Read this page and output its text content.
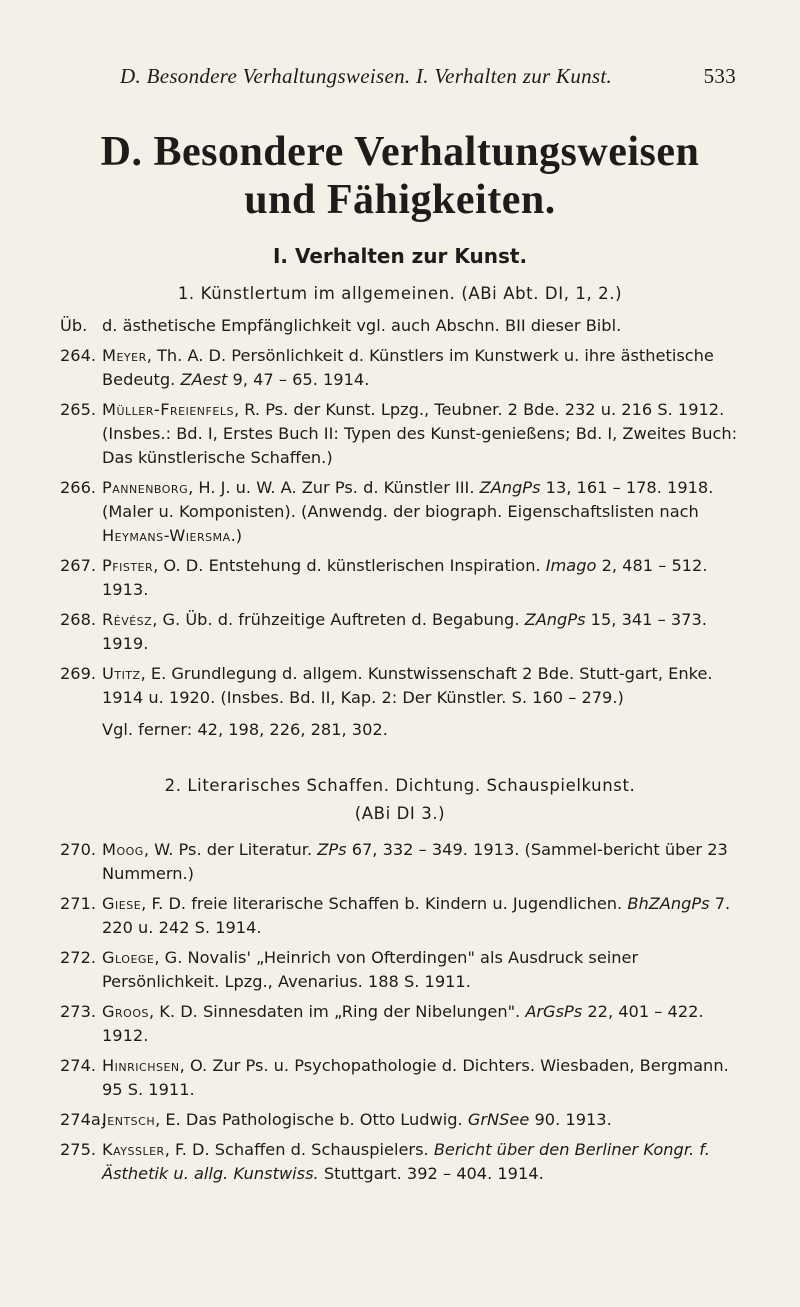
D. Besondere Verhaltungsweisen. I. Verhalten zur Kunst.	533
D. Besondere Verhaltungsweisen
und Fähigkeiten.
I. Verhalten zur Kunst.
1. Künstlertum im allgemeinen. (ABi Abt. DI, 1, 2.)
Üb. d. ästhetische Empfänglichkeit vgl. auch Abschn. BII dieser Bibl.
264. Meyer, Th. A. D. Persönlichkeit d. Künstlers im Kunstwerk u. ihre ästhetische Bedeutg. ZAest 9, 47 – 65. 1914.
265. Müller-Freienfels, R. Ps. der Kunst. Lpzg., Teubner. 2 Bde. 232 u. 216 S. 1912. (Insbes.: Bd. I, Erstes Buch II: Typen des Kunst-genießens; Bd. I, Zweites Buch: Das künstlerische Schaffen.)
266. Pannenborg, H. J. u. W. A. Zur Ps. d. Künstler III. ZAngPs 13, 161 – 178. 1918. (Maler u. Komponisten). (Anwendg. der biograph. Eigenschaftslisten nach Heymans-Wiersma.)
267. Pfister, O. D. Entstehung d. künstlerischen Inspiration. Imago 2, 481 – 512. 1913.
268. Révész, G. Üb. d. frühzeitige Auftreten d. Begabung. ZAngPs 15, 341 – 373. 1919.
269. Utitz, E. Grundlegung d. allgem. Kunstwissenschaft 2 Bde. Stutt-gart, Enke. 1914 u. 1920. (Insbes. Bd. II, Kap. 2: Der Künstler. S. 160 – 279.)
Vgl. ferner: 42, 198, 226, 281, 302.
2. Literarisches Schaffen. Dichtung. Schauspielkunst.
(ABi DI 3.)
270. Moog, W. Ps. der Literatur. ZPs 67, 332 – 349. 1913. (Sammel-bericht über 23 Nummern.)
271. Giese, F. D. freie literarische Schaffen b. Kindern u. Jugendlichen. BhZAngPs 7. 220 u. 242 S. 1914.
272. Gloege, G. Novalis' „Heinrich von Ofterdingen" als Ausdruck seiner Persönlichkeit. Lpzg., Avenarius. 188 S. 1911.
273. Groos, K. D. Sinnesdaten im „Ring der Nibelungen". ArGsPs 22, 401 – 422. 1912.
274. Hinrichsen, O. Zur Ps. u. Psychopathologie d. Dichters. Wiesbaden, Bergmann. 95 S. 1911.
274a.
Jentsch, E. Das Pathologische b. Otto Ludwig. GrNSee 90. 1913.
275. Kayssler, F. D. Schaffen d. Schauspielers. Bericht über den Berliner Kongr. f. Ästhetik u. allg. Kunstwiss. Stuttgart. 392 – 404. 1914.
